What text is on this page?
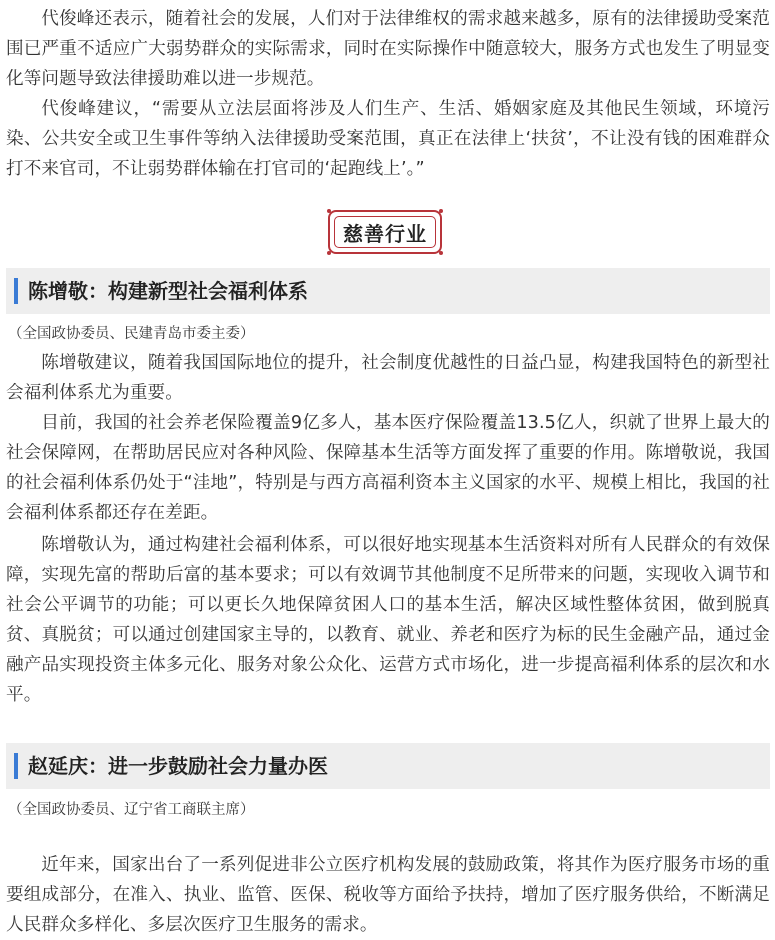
代俊峰还表示，随着社会的发展，人们对于法律维权的需求越来越多，原有的法律援助受案范围已严重不适应广大弱势群众的实际需求，同时在实际操作中随意较大，服务方式也发生了明显变化等问题导致法律援助难以进一步规范。

代俊峰建议，“需要从立法层面将涉及人们生产、生活、婚姻家庭及其他民生领域，环境污染、公共安全或卫生事件等纳入法律援助受案范围，真正在法律上‘扶贫’，不让没有钱的困难群众打不来官司，不让弱势群体输在打官司的‘起跑线上’。”

慈善行业
陈增敬：构建新型社会福利体系
（全国政协委员、民建青岛市委主委）

陈增敬建议，随着我国国际地位的提升，社会制度优越性的日益凸显，构建我国特色的新型社会福利体系尤为重要。

目前，我国的社会养老保险覆盖9亿多人，基本医疗保险覆盖13.5亿人，织就了世界上最大的社会保障网，在帮助居民应对各种风险、保障基本生活等方面发挥了重要的作用。陈增敬说，我国的社会福利体系仍处于“洼地”，特别是与西方高福利资本主义国家的水平、规模上相比，我国的社会福利体系都还存在差距。

陈增敬认为，通过构建社会福利体系，可以很好地实现基本生活资料对所有人民群众的有效保障，实现先富的帮助后富的基本要求；可以有效调节其他制度不足所带来的问题，实现收入调节和社会公平调节的功能；可以更长久地保障贫困人口的基本生活，解决区域性整体贫困，做到脱真贫、真脱贫；可以通过创建国家主导的，以教育、就业、养老和医疗为标的民生金融产品，通过金融产品实现投资主体多元化、服务对象公众化、运营方式市场化，进一步提高福利体系的层次和水平。

赵延庆：进一步鼓励社会力量办医
（全国政协委员、辽宁省工商联主席）

近年来，国家出台了一系列促进非公立医疗机构发展的鼓励政策，将其作为医疗服务市场的重要组成部分，在准入、执业、监管、医保、税收等方面给予扶持，增加了医疗服务供给，不断满足人民群众多样化、多层次医疗卫生服务的需求。
